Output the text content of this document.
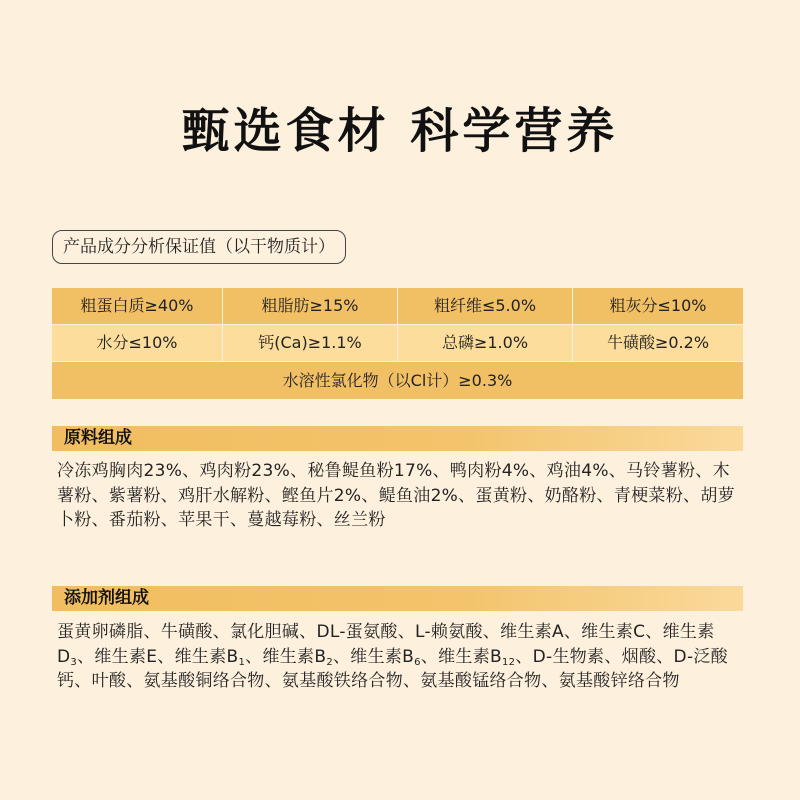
甄选食材 科学营养
产品成分分析保证值（以干物质计）
粗蛋白质≥40%	粗脂肪≥15%	粗纤维≤5.0%	粗灰分≤10%
水分≤10%	钙(Ca)≥1.1%	总磷≥1.0%	牛磺酸≥0.2%
水溶性氯化物（以Cl计）≥0.3%
原料组成
冷冻鸡胸肉23%、鸡肉粉23%、秘鲁鳀鱼粉17%、鸭肉粉4%、鸡油4%、马铃薯粉、木薯粉、紫薯粉、鸡肝水解粉、鲣鱼片2%、鳀鱼油2%、蛋黄粉、奶酪粉、青梗菜粉、胡萝卜粉、番茄粉、苹果干、蔓越莓粉、丝兰粉
添加剂组成
蛋黄卵磷脂、牛磺酸、氯化胆碱、DL-蛋氨酸、L-赖氨酸、维生素A、维生素C、维生素$D_3$、维生素E、维生素$B_1$、维生素$B_2$、维生素$B_6$、维生素$B_{12}$、D-生物素、烟酸、D-泛酸钙、叶酸、氨基酸铜络合物、氨基酸铁络合物、氨基酸锰络合物、氨基酸锌络合物
